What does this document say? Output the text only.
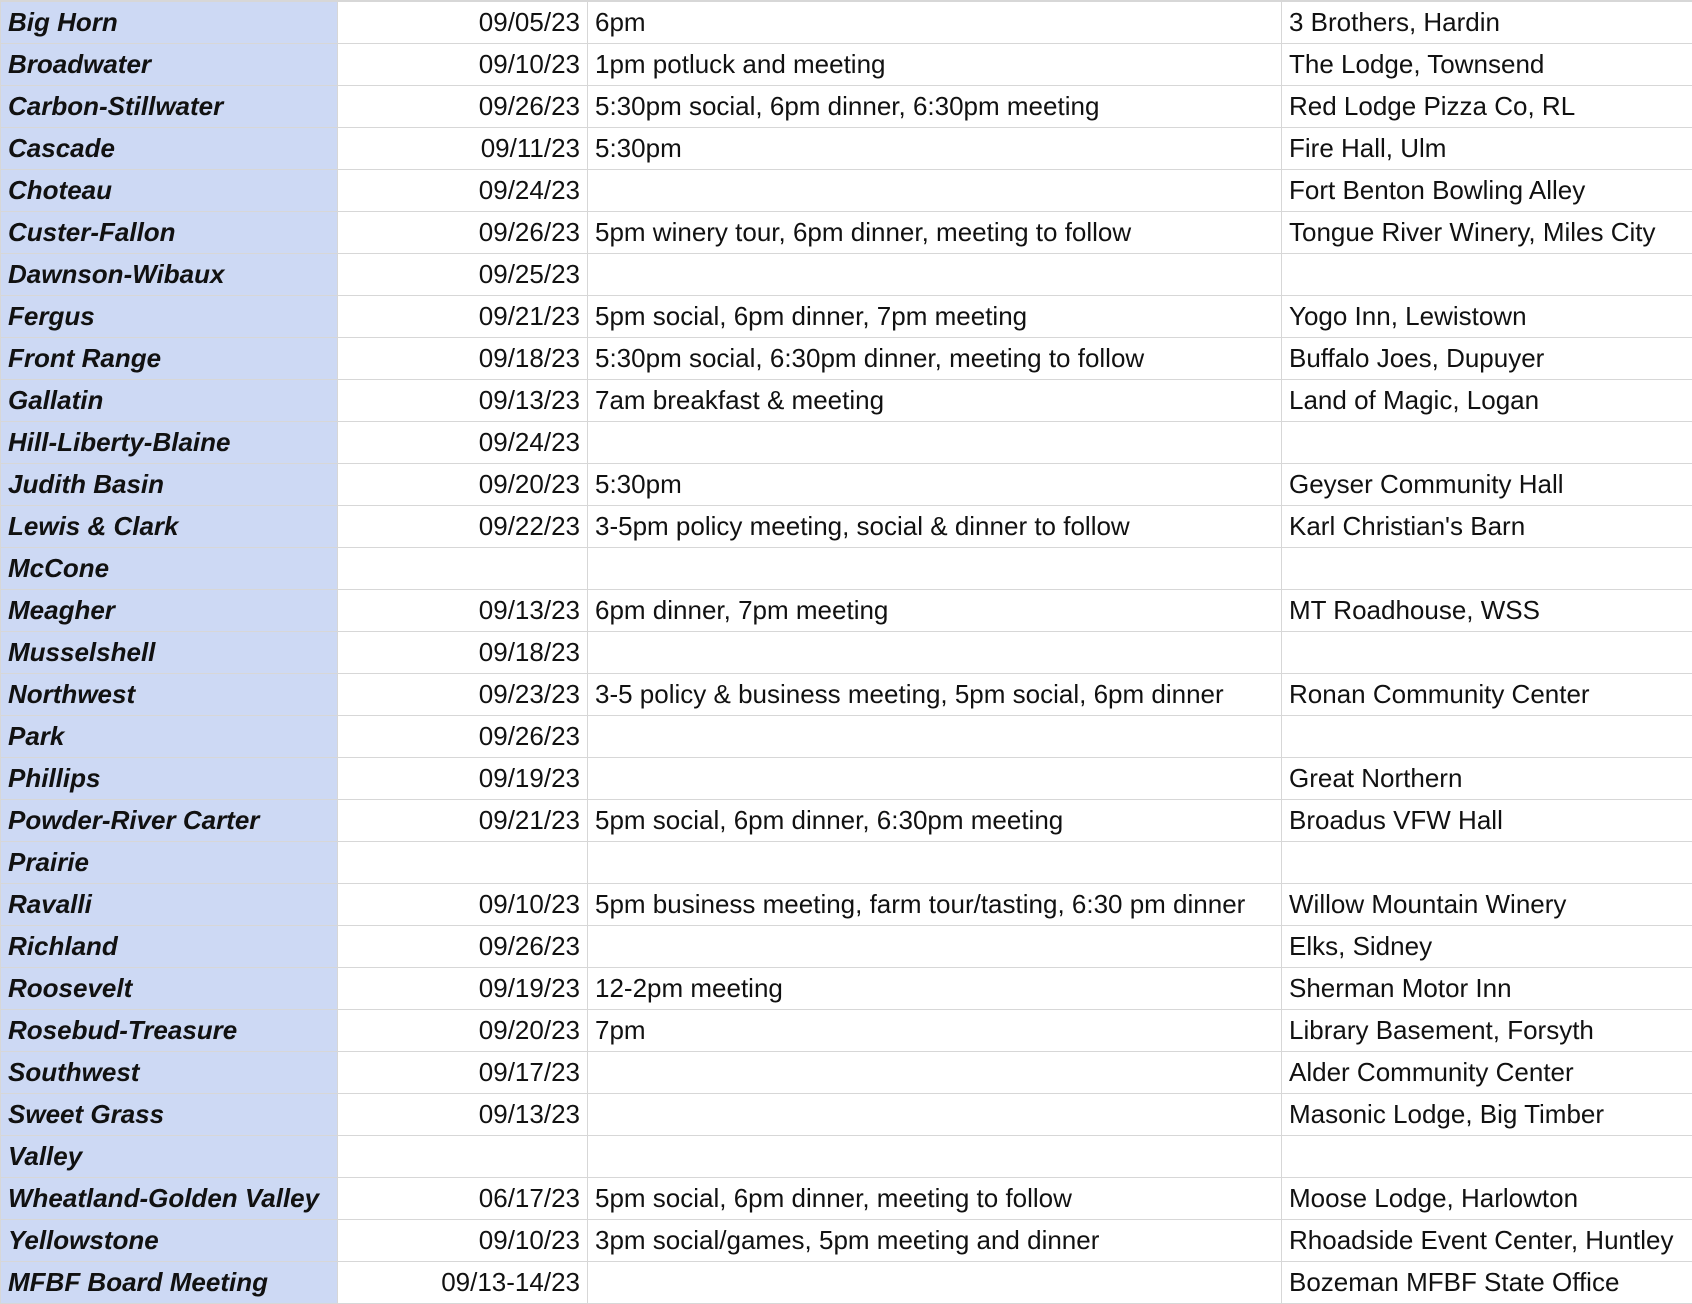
Big Horn	09/05/23	6pm	3 Brothers, Hardin
Broadwater	09/10/23	1pm potluck and meeting	The Lodge, Townsend
Carbon-Stillwater	09/26/23	5:30pm social, 6pm dinner, 6:30pm meeting	Red Lodge Pizza Co, RL
Cascade	09/11/23	5:30pm	Fire Hall, Ulm
Choteau	09/24/23		Fort Benton Bowling Alley
Custer-Fallon	09/26/23	5pm winery tour, 6pm dinner, meeting to follow	Tongue River Winery, Miles City
Dawnson-Wibaux	09/25/23		
Fergus	09/21/23	5pm social, 6pm dinner, 7pm meeting	Yogo Inn, Lewistown
Front Range	09/18/23	5:30pm social, 6:30pm dinner, meeting to follow	Buffalo Joes, Dupuyer
Gallatin	09/13/23	7am breakfast & meeting	Land of Magic, Logan
Hill-Liberty-Blaine	09/24/23		
Judith Basin	09/20/23	5:30pm	Geyser Community Hall
Lewis & Clark	09/22/23	3-5pm policy meeting, social & dinner to follow	Karl Christian's Barn
McCone			
Meagher	09/13/23	6pm dinner, 7pm meeting	MT Roadhouse, WSS
Musselshell	09/18/23		
Northwest	09/23/23	3-5 policy & business meeting, 5pm social, 6pm dinner	Ronan Community Center
Park	09/26/23		
Phillips	09/19/23		Great Northern
Powder-River Carter	09/21/23	5pm social, 6pm dinner, 6:30pm meeting	Broadus VFW Hall
Prairie			
Ravalli	09/10/23	5pm business meeting, farm tour/tasting, 6:30 pm dinner	Willow Mountain Winery
Richland	09/26/23		Elks, Sidney
Roosevelt	09/19/23	12-2pm meeting	Sherman Motor Inn
Rosebud-Treasure	09/20/23	7pm	Library Basement, Forsyth
Southwest	09/17/23		Alder Community Center
Sweet Grass	09/13/23		Masonic Lodge, Big Timber
Valley			
Wheatland-Golden Valley	06/17/23	5pm social, 6pm dinner, meeting to follow	Moose Lodge, Harlowton
Yellowstone	09/10/23	3pm social/games, 5pm meeting and dinner	Rhoadside Event Center, Huntley
MFBF Board Meeting	09/13-14/23		Bozeman MFBF State Office
